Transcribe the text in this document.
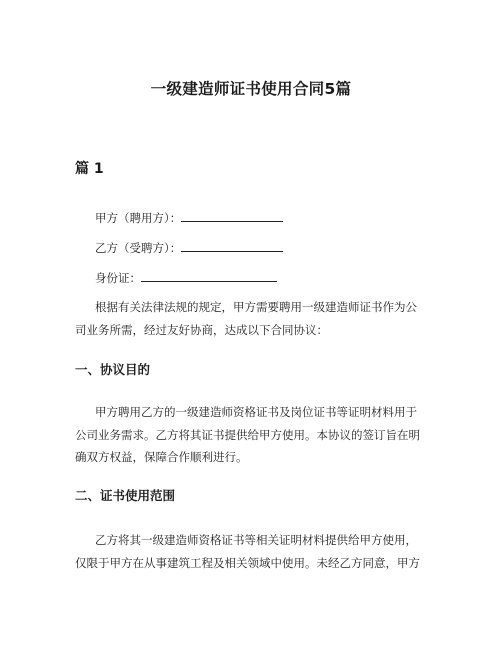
一级建造师证书使用合同5篇
篇 1
甲方（聘用方）：
乙方（受聘方）：
身份证：
根据有关法律法规的规定，甲方需要聘用一级建造师证书作为公
司业务所需，经过友好协商，达成以下合同协议：
一、协议目的
甲方聘用乙方的一级建造师资格证书及岗位证书等证明材料用于
公司业务需求。乙方将其证书提供给甲方使用。本协议的签订旨在明
确双方权益，保障合作顺利进行。
二、证书使用范围
乙方将其一级建造师资格证书等相关证明材料提供给甲方使用，
仅限于甲方在从事建筑工程及相关领域中使用。未经乙方同意，甲方
